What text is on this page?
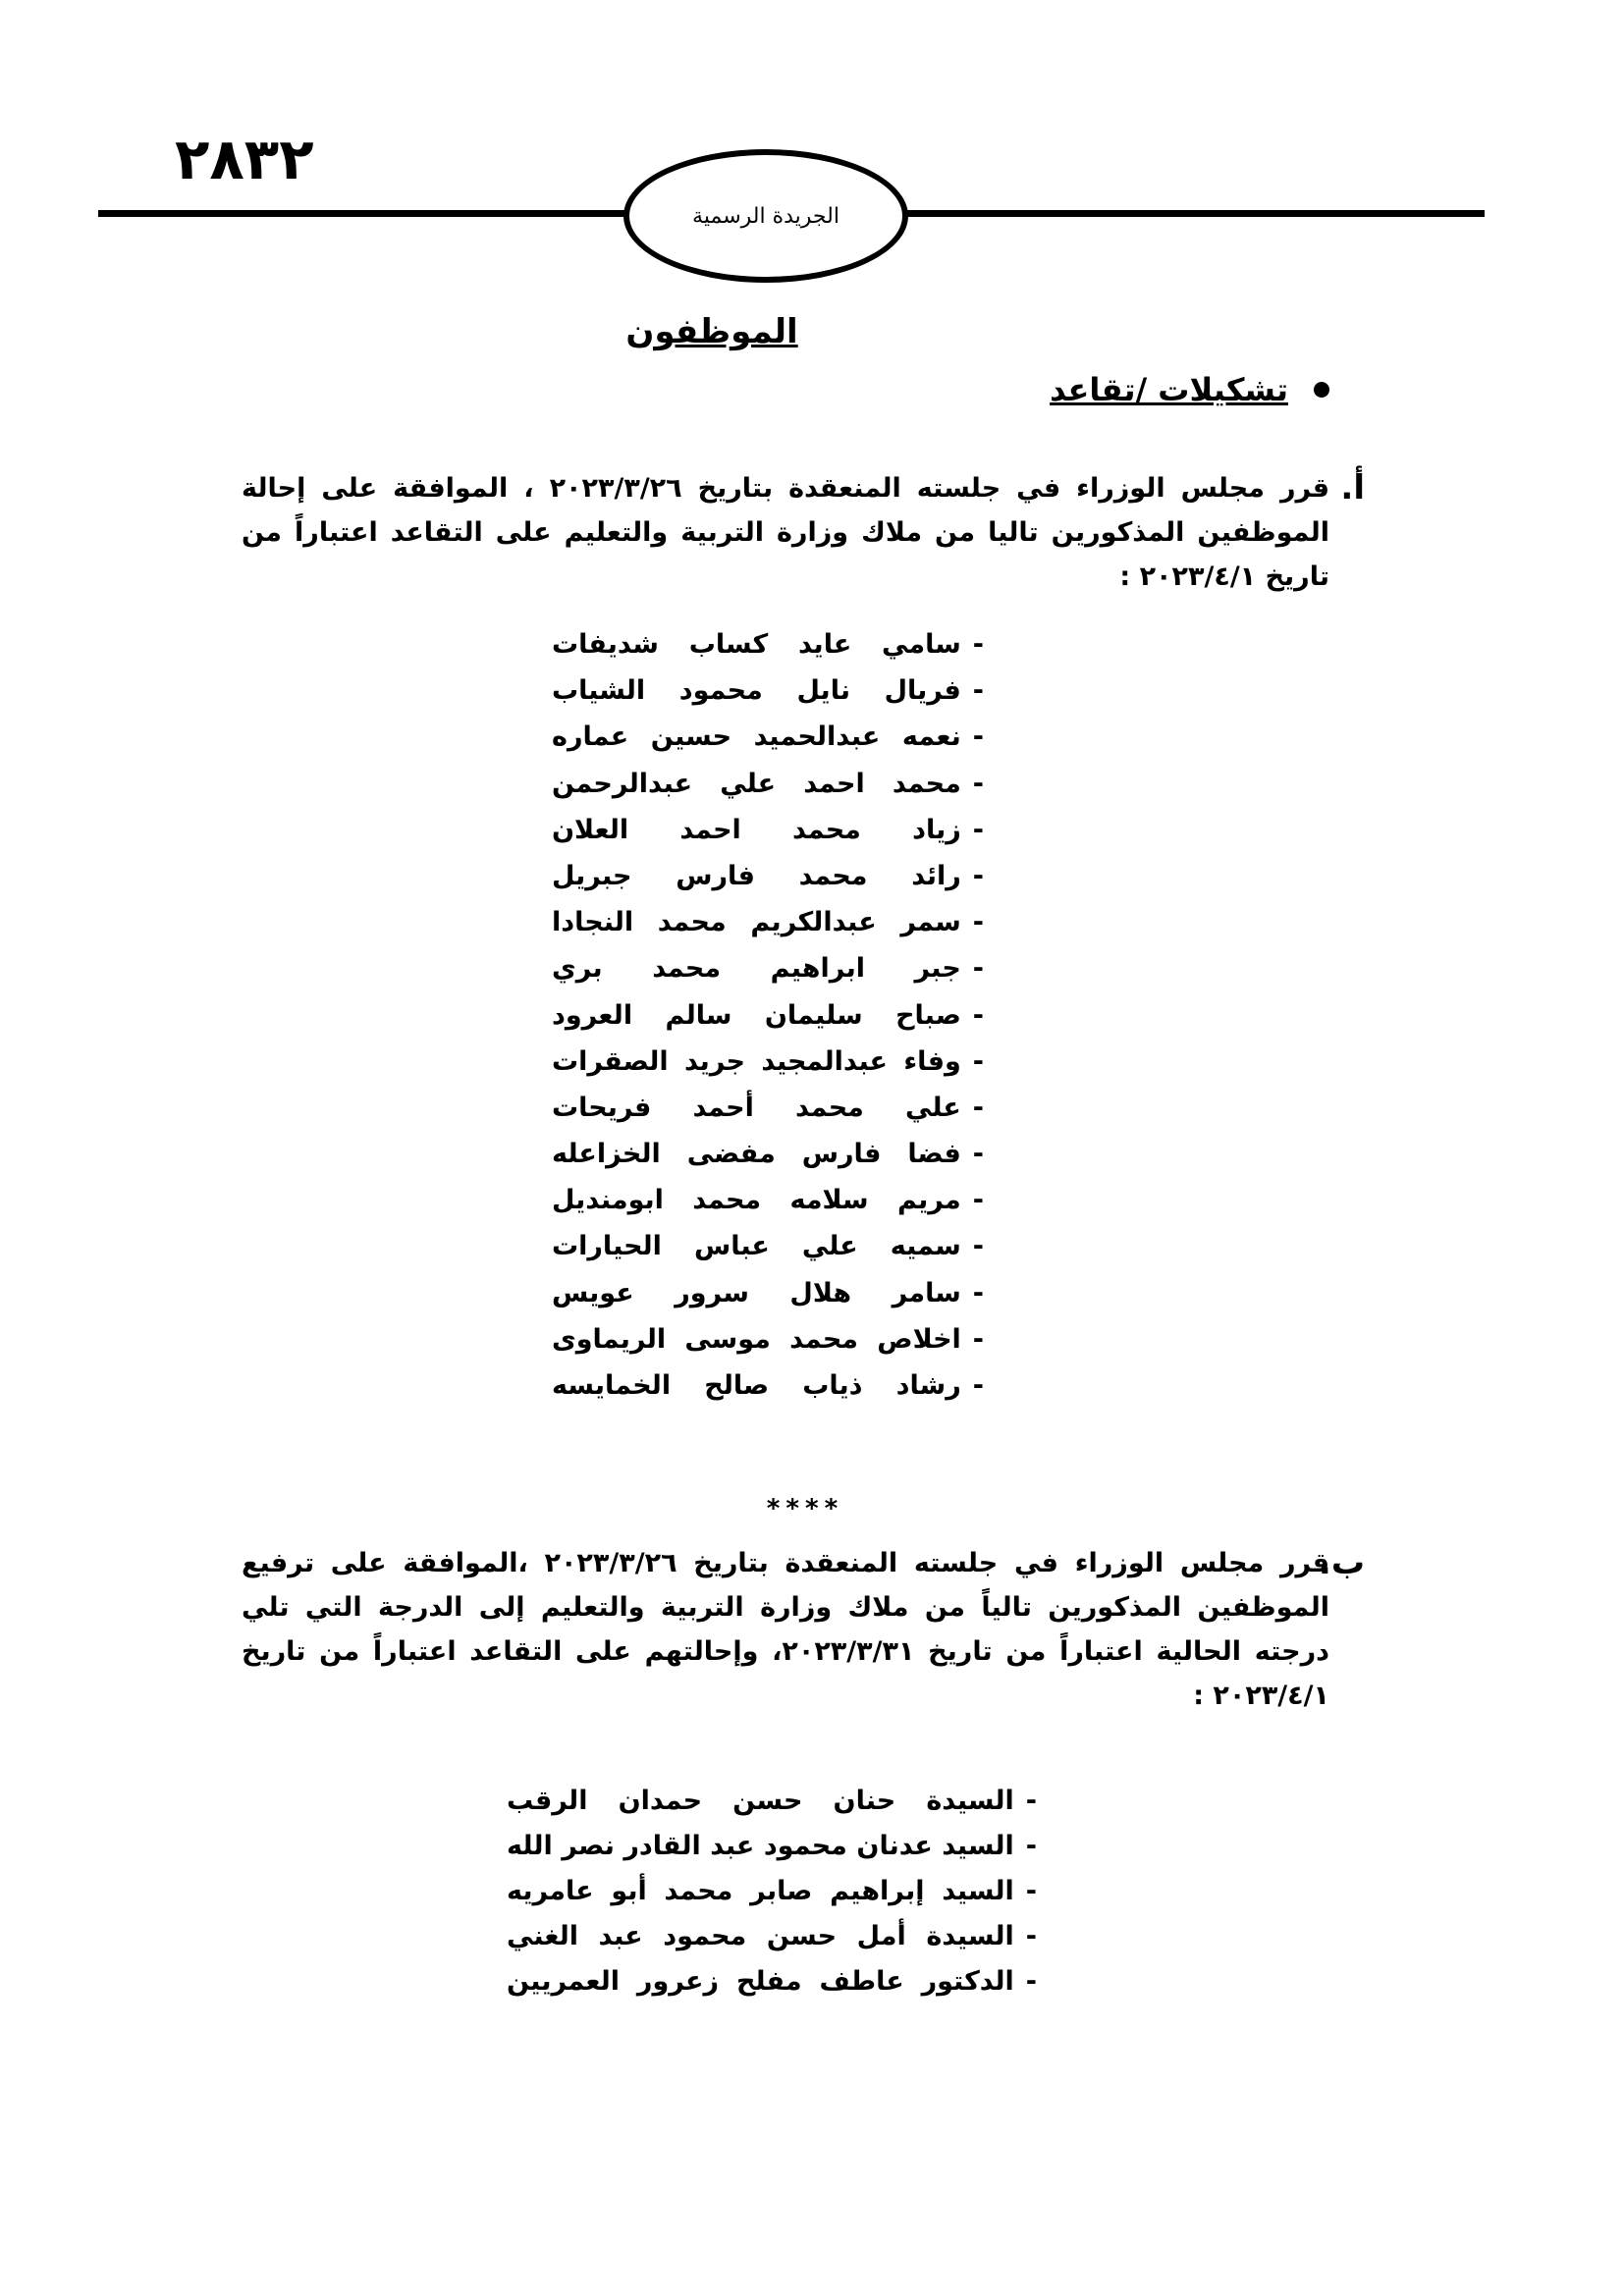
٢٨٣٢
الجريدة الرسمية
الموظفون
تشكيلات /تقاعد
أ.
قرر مجلس الوزراء في جلسته المنعقدة بتاريخ ٢٠٢٣/٣/٢٦ ، الموافقة على إحالة الموظفين المذكورين تاليا من ملاك وزارة التربية والتعليم على التقاعد اعتباراً من تاريخ ٢٠٢٣/٤/١ :
-
سامي عايد كساب شديفات
-
فريال نايل محمود الشياب
-
نعمه عبدالحميد حسين عماره
-
محمد احمد علي عبدالرحمن
-
زياد محمد احمد العلان
-
رائد محمد فارس جبريل
-
سمر عبدالكريم محمد النجادا
-
جبر ابراهيم محمد بري
-
صباح سليمان سالم العرود
-
وفاء عبدالمجيد جريد الصقرات
-
علي محمد أحمد فريحات
-
فضا فارس مفضى الخزاعله
-
مريم سلامه محمد ابومنديل
-
سميه علي عباس الحيارات
-
سامر هلال سرور عويس
-
اخلاص محمد موسى الريماوى
-
رشاد ذياب صالح الخمايسه
****
ب.
قرر مجلس الوزراء في جلسته المنعقدة بتاريخ ٢٠٢٣/٣/٢٦ ،الموافقة على ترفيع الموظفين المذكورين تالياً من ملاك وزارة التربية والتعليم إلى الدرجة التي تلي درجته الحالية اعتباراً من تاريخ ٢٠٢٣/٣/٣١، وإحالتهم على التقاعد اعتباراً من تاريخ ٢٠٢٣/٤/١ :
-
السيدة حنان حسن حمدان الرقب
-
السيد عدنان محمود عبد القادر نصر الله
-
السيد إبراهيم صابر محمد أبو عامريه
-
السيدة أمل حسن محمود عبد الغني
-
الدكتور عاطف مفلح زعرور العمريين
